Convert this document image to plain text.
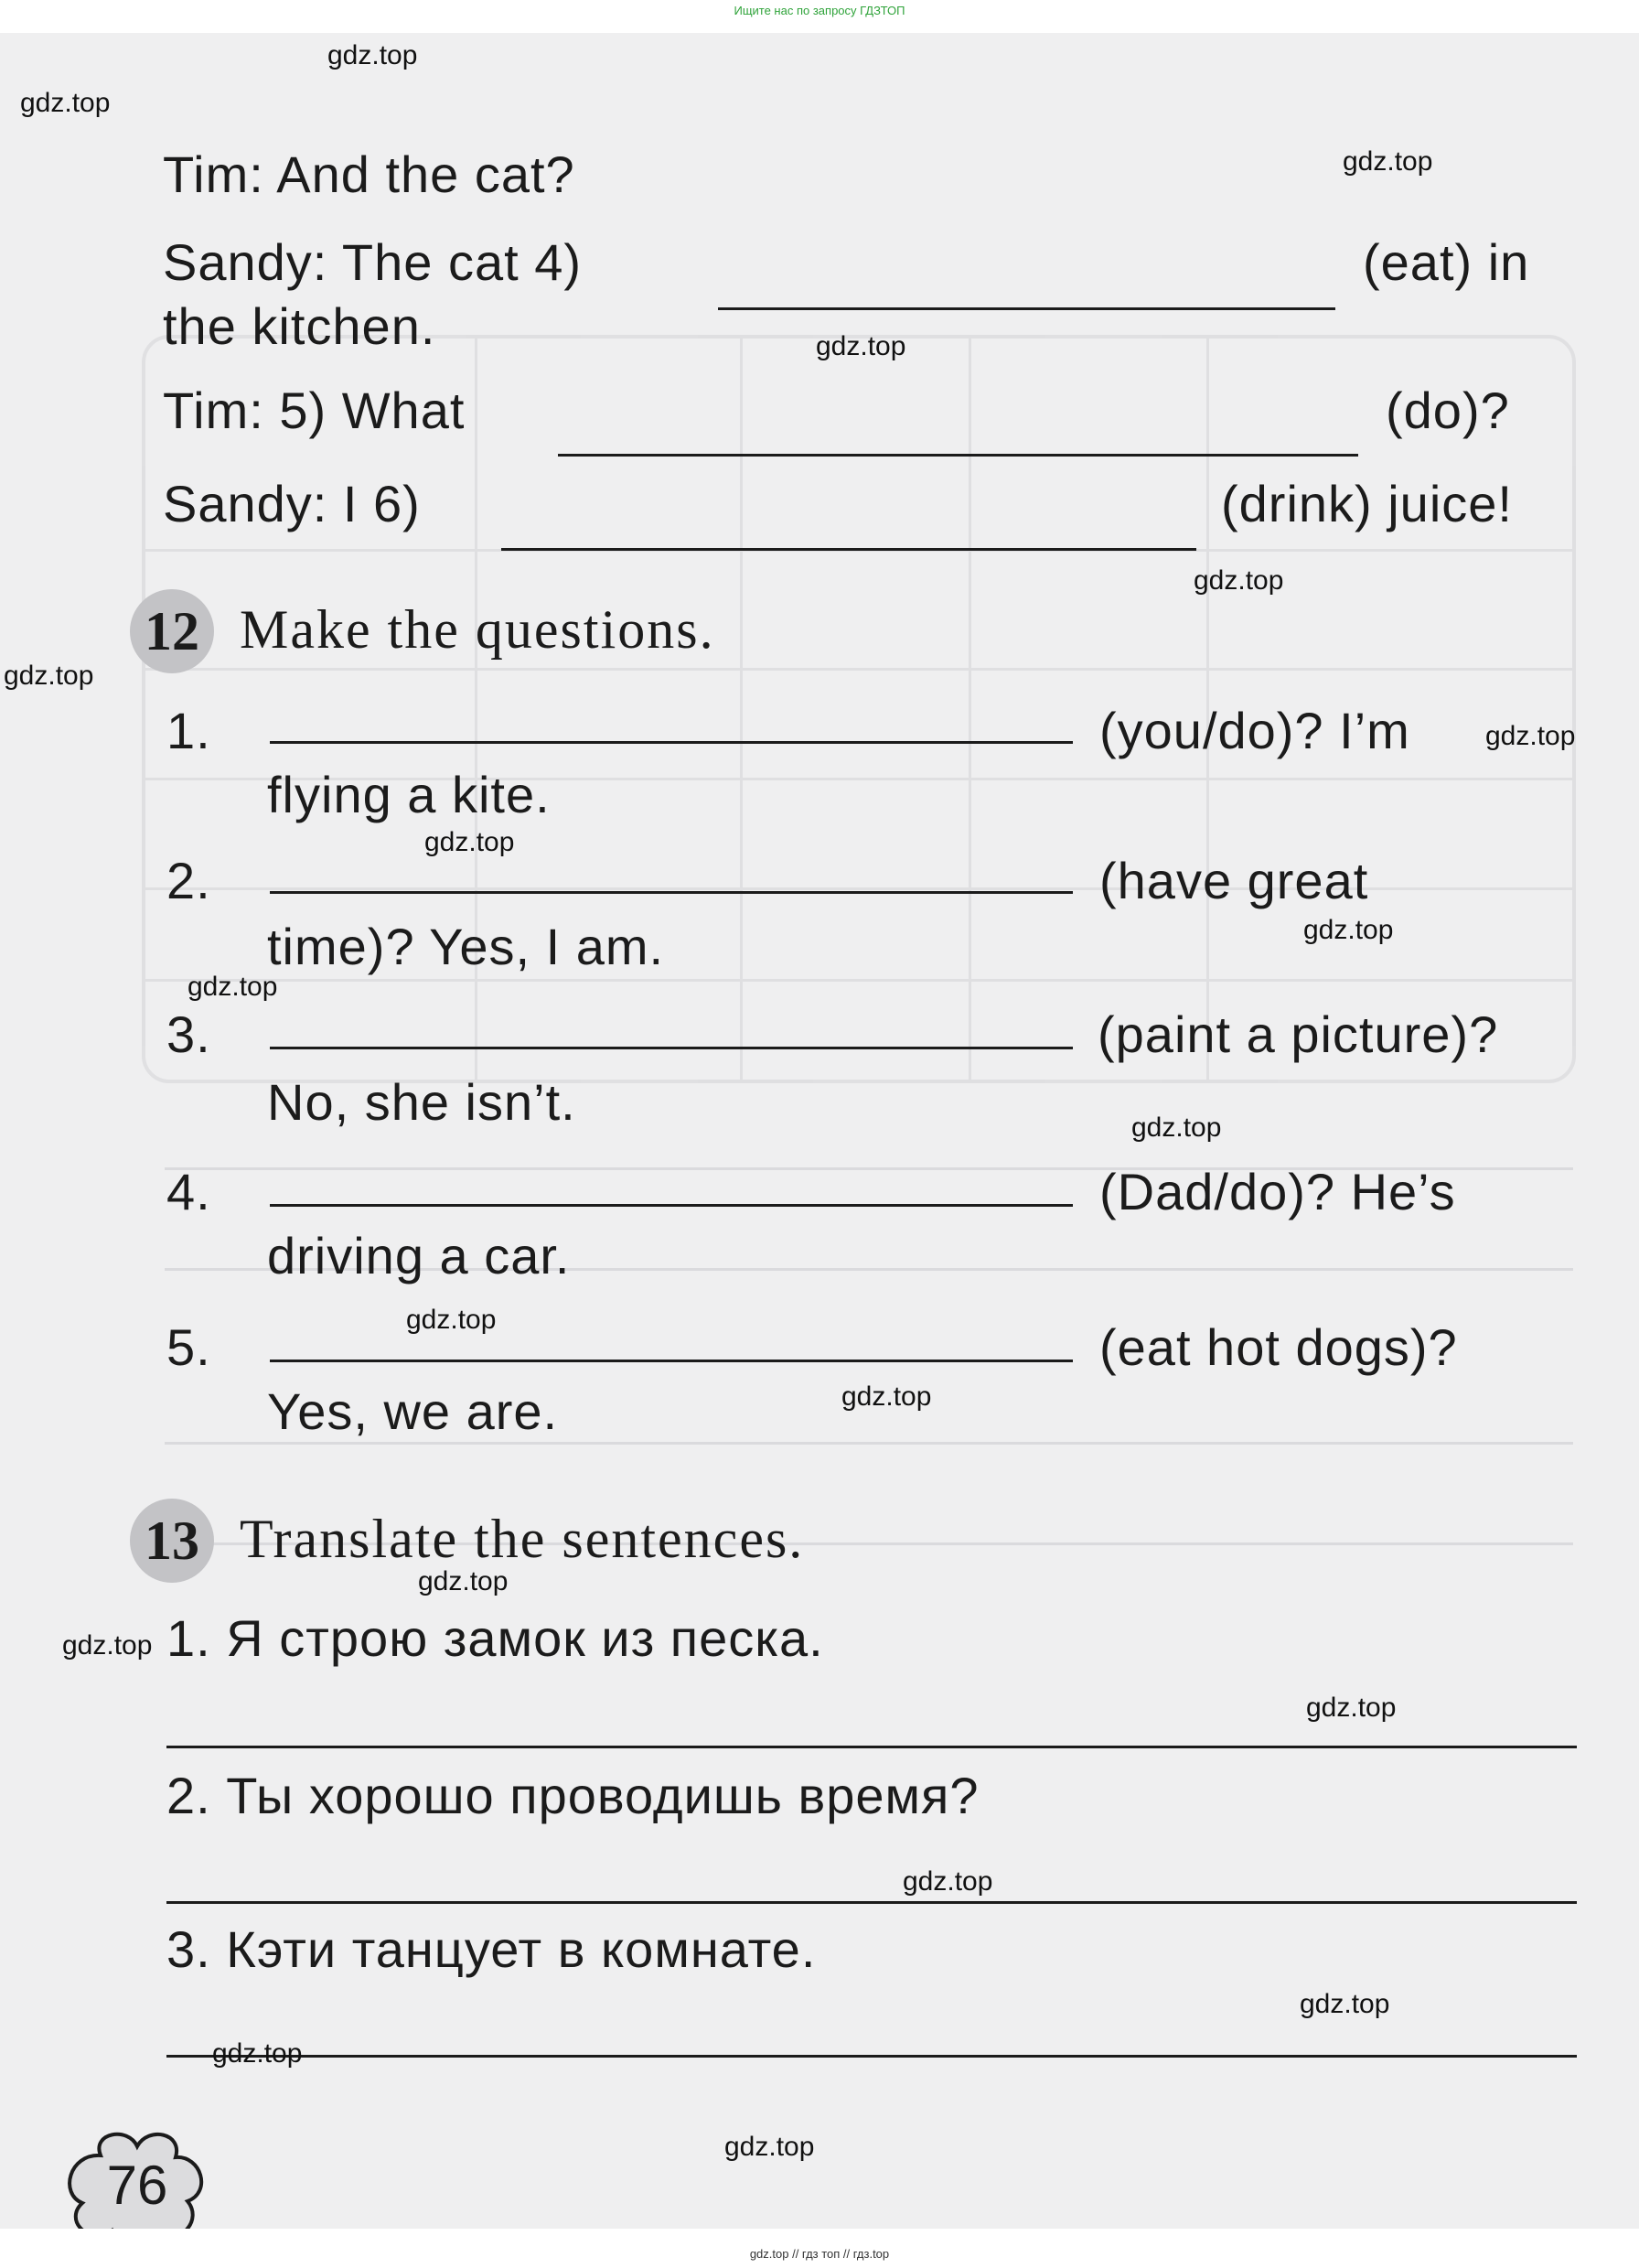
Ищите нас по запросу ГДЗТОП
Tim: And the cat?
Sandy: The cat 4)	(eat) in
the kitchen.
Tim: 5) What	(do)?
Sandy: I 6)	(drink) juice!
12 Make the questions.
1.	(you/do)? I’m
flying a kite.
2.	(have great
time)? Yes, I am.
3.	(paint a picture)?
No, she isn’t.
4.	(Dad/do)? He’s
driving a car.
5.	(eat hot dogs)?
Yes, we are.
13 Translate the sentences.
1. Я строю замок из песка.
2. Ты хорошо проводишь время?
3. Кэти танцует в комнате.
76
gdz.top
gdz.top
gdz.top
gdz.top
gdz.top
gdz.top
gdz.top
gdz.top
gdz.top
gdz.top
gdz.top
gdz.top
gdz.top
gdz.top
gdz.top
gdz.top
gdz.top
gdz.top
gdz.top
gdz.top
gdz.top // гдз топ // гдз.top
